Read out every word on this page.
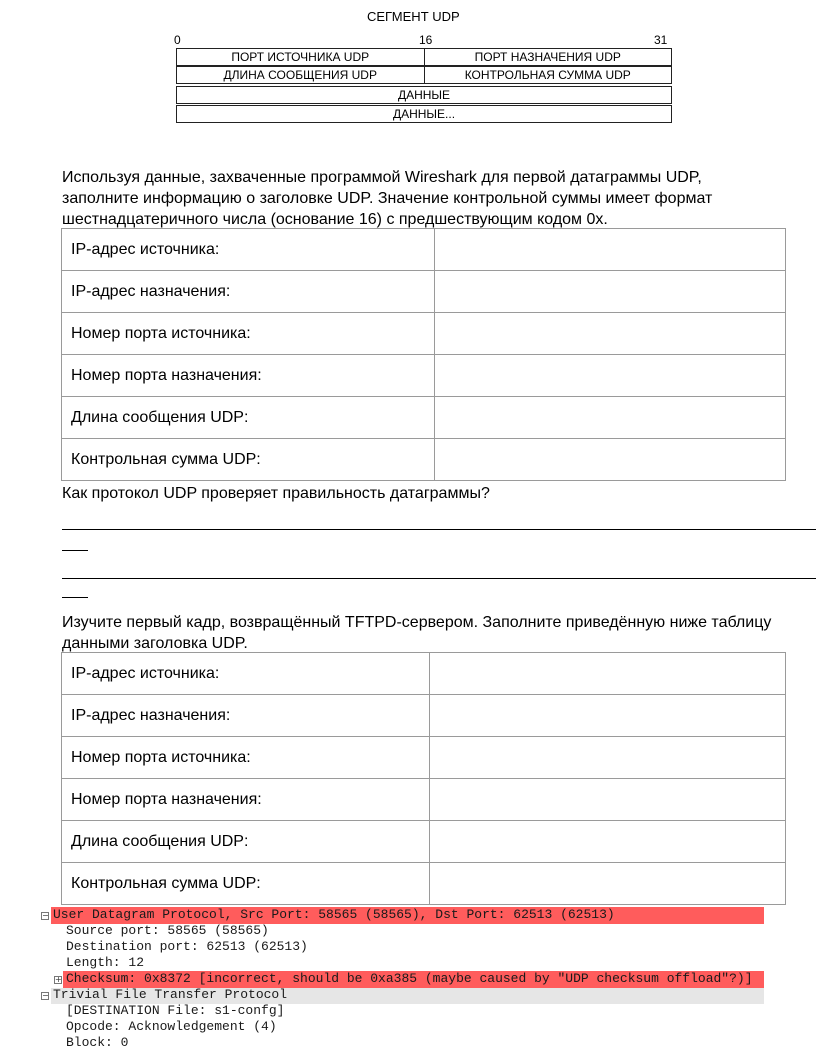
СЕГМЕНТ UDP
0	16	31
ПОРТ ИСТОЧНИКА UDP	ПОРТ НАЗНАЧЕНИЯ UDP
ДЛИНА СООБЩЕНИЯ UDP	КОНТРОЛЬНАЯ СУММА UDP
ДАННЫЕ
ДАННЫЕ...
Используя данные, захваченные программой Wireshark для первой датаграммы UDP, заполните информацию о заголовке UDP. Значение контрольной суммы имеет формат шестнадцатеричного числа (основание 16) с предшествующим кодом 0x.
IP-адрес источника:	
IP-адрес назначения:	
Номер порта источника:	
Номер порта назначения:	
Длина сообщения UDP:	
Контрольная сумма UDP:	
Как протокол UDP проверяет правильность датаграммы?
Изучите первый кадр, возвращённый TFTPD-сервером. Заполните приведённую ниже таблицу данными заголовка UDP.
IP-адрес источника:	
IP-адрес назначения:	
Номер порта источника:	
Номер порта назначения:	
Длина сообщения UDP:	
Контрольная сумма UDP:	
− User Datagram Protocol, Src Port: 58565 (58565), Dst Port: 62513 (62513)
Source port: 58565 (58565)
Destination port: 62513 (62513)
Length: 12
+ Checksum: 0x8372 [incorrect, should be 0xa385 (maybe caused by "UDP checksum offload"?)]
− Trivial File Transfer Protocol
[DESTINATION File: s1-confg]
Opcode: Acknowledgement (4)
Block: 0
